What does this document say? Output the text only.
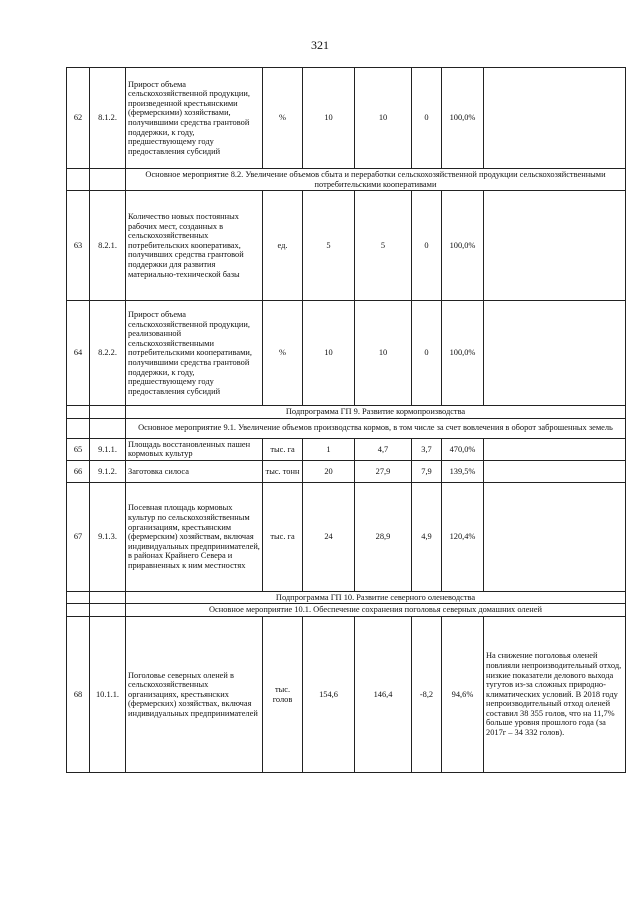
321
62	8.1.2.	Прирост объема сельскохозяйственной продукции, произведенной крестьянскими (фермерскими) хозяйствами, получившими средства грантовой поддержки, к году, предшествующему году предоставления субсидий	%	10	10	0	100,0%	
		Основное мероприятие 8.2. Увеличение объемов сбыта и переработки сельскохозяйственной продукции сельскохозяйственными потребительскими кооперативами						
63	8.2.1.	Количество новых постоянных рабочих мест, созданных в сельскохозяйственных потребительских кооперативах, получивших средства грантовой поддержки для развития материально-технической базы	ед.	5	5	0	100,0%	
64	8.2.2.	Прирост объема сельскохозяйственной продукции, реализованной сельскохозяйственными потребительскими кооперативами, получившими средства грантовой поддержки, к году, предшествующему году предоставления субсидий	%	10	10	0	100,0%	
		Подпрограмма ГП 9. Развитие кормопроизводства						
		Основное мероприятие 9.1. Увеличение объемов производства кормов, в том числе за счет вовлечения в оборот заброшенных земель						
65	9.1.1.	Площадь восстановленных пашен кормовых культур	тыс. га	1	4,7	3,7	470,0%	
66	9.1.2.	Заготовка силоса	тыс. тонн	20	27,9	7,9	139,5%	
67	9.1.3.	Посевная площадь кормовых культур по сельскохозяйственным организациям, крестьянским (фермерским) хозяйствам, включая индивидуальных предпринимателей, в районах Крайнего Севера и приравненных к ним местностях	тыс. га	24	28,9	4,9	120,4%	
		Подпрограмма ГП 10. Развитие северного оленеводства						
		Основное мероприятие 10.1. Обеспечение сохранения поголовья северных домашних оленей						
68	10.1.1.	Поголовье северных оленей в сельскохозяйственных организациях, крестьянских (фермерских) хозяйствах, включая индивидуальных предпринимателей	тыс. голов	154,6	146,4	-8,2	94,6%	На снижение поголовья оленей повлияли непроизводительный отход, низкие показатели делового выхода тугутов из-за сложных природно-климатических условий. В 2018 году непроизводительный отход оленей составил 38 355 голов, что на 11,7% больше уровня прошлого года (за 2017г – 34 332 голов).
